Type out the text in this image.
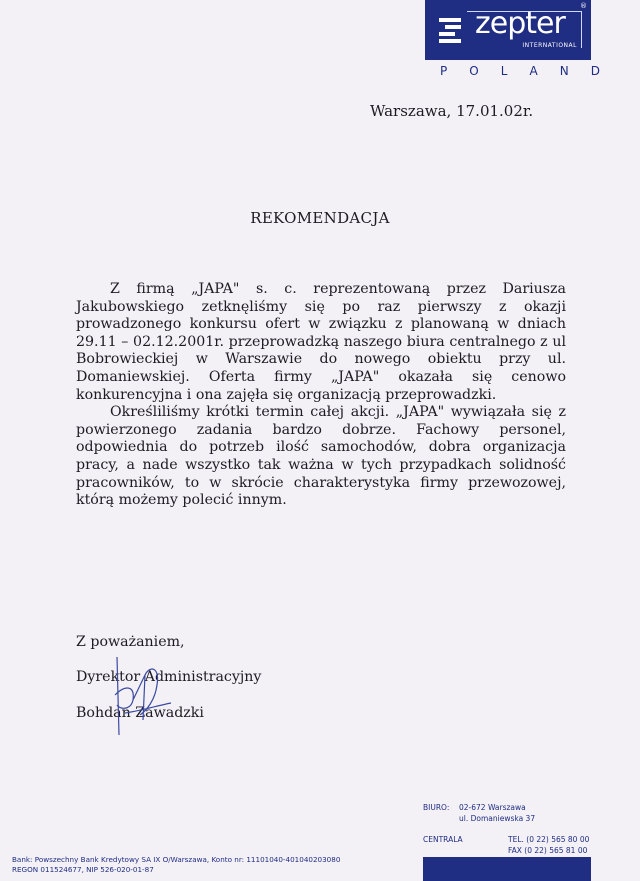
zepter
INTERNATIONAL
®
P O L A N D
Warszawa, 17.01.02r.
REKOMENDACJA

Z firmą „JAPA" s. c. reprezentowaną przez Dariusza Jakubowskiego zetknęliśmy się po raz pierwszy z okazji prowadzonego konkursu ofert w związku z planowaną w dniach 29.11 – 02.12.2001r. przeprowadzką naszego biura centralnego z ul Bobrowieckiej w Warszawie do nowego obiektu przy ul. Domaniewskiej. Oferta firmy „JAPA" okazała się cenowo konkurencyjna i ona zajęła się organizacją przeprowadzki.

Określiliśmy krótki termin całej akcji. „JAPA" wywiązała się z powierzonego zadania bardzo dobrze. Fachowy personel, odpowiednia do potrzeb ilość samochodów, dobra organizacja pracy, a nade wszystko tak ważna w tych przypadkach solidność pracowników, to w skrócie charakterystyka firmy przewozowej, którą możemy polecić innym.

Z poważaniem,
Dyrektor Administracyjny
Bohdan Zawadzki
BIURO:	02-672 Warszawa
ul. Domaniewska 37
CENTRALA	TEL. (0 22) 565 80 00
FAX (0 22) 565 81 00
Bank: Powszechny Bank Kredytowy SA IX O/Warszawa, Konto nr: 11101040-401040203080
REGON 011524677, NIP 526-020-01-87
